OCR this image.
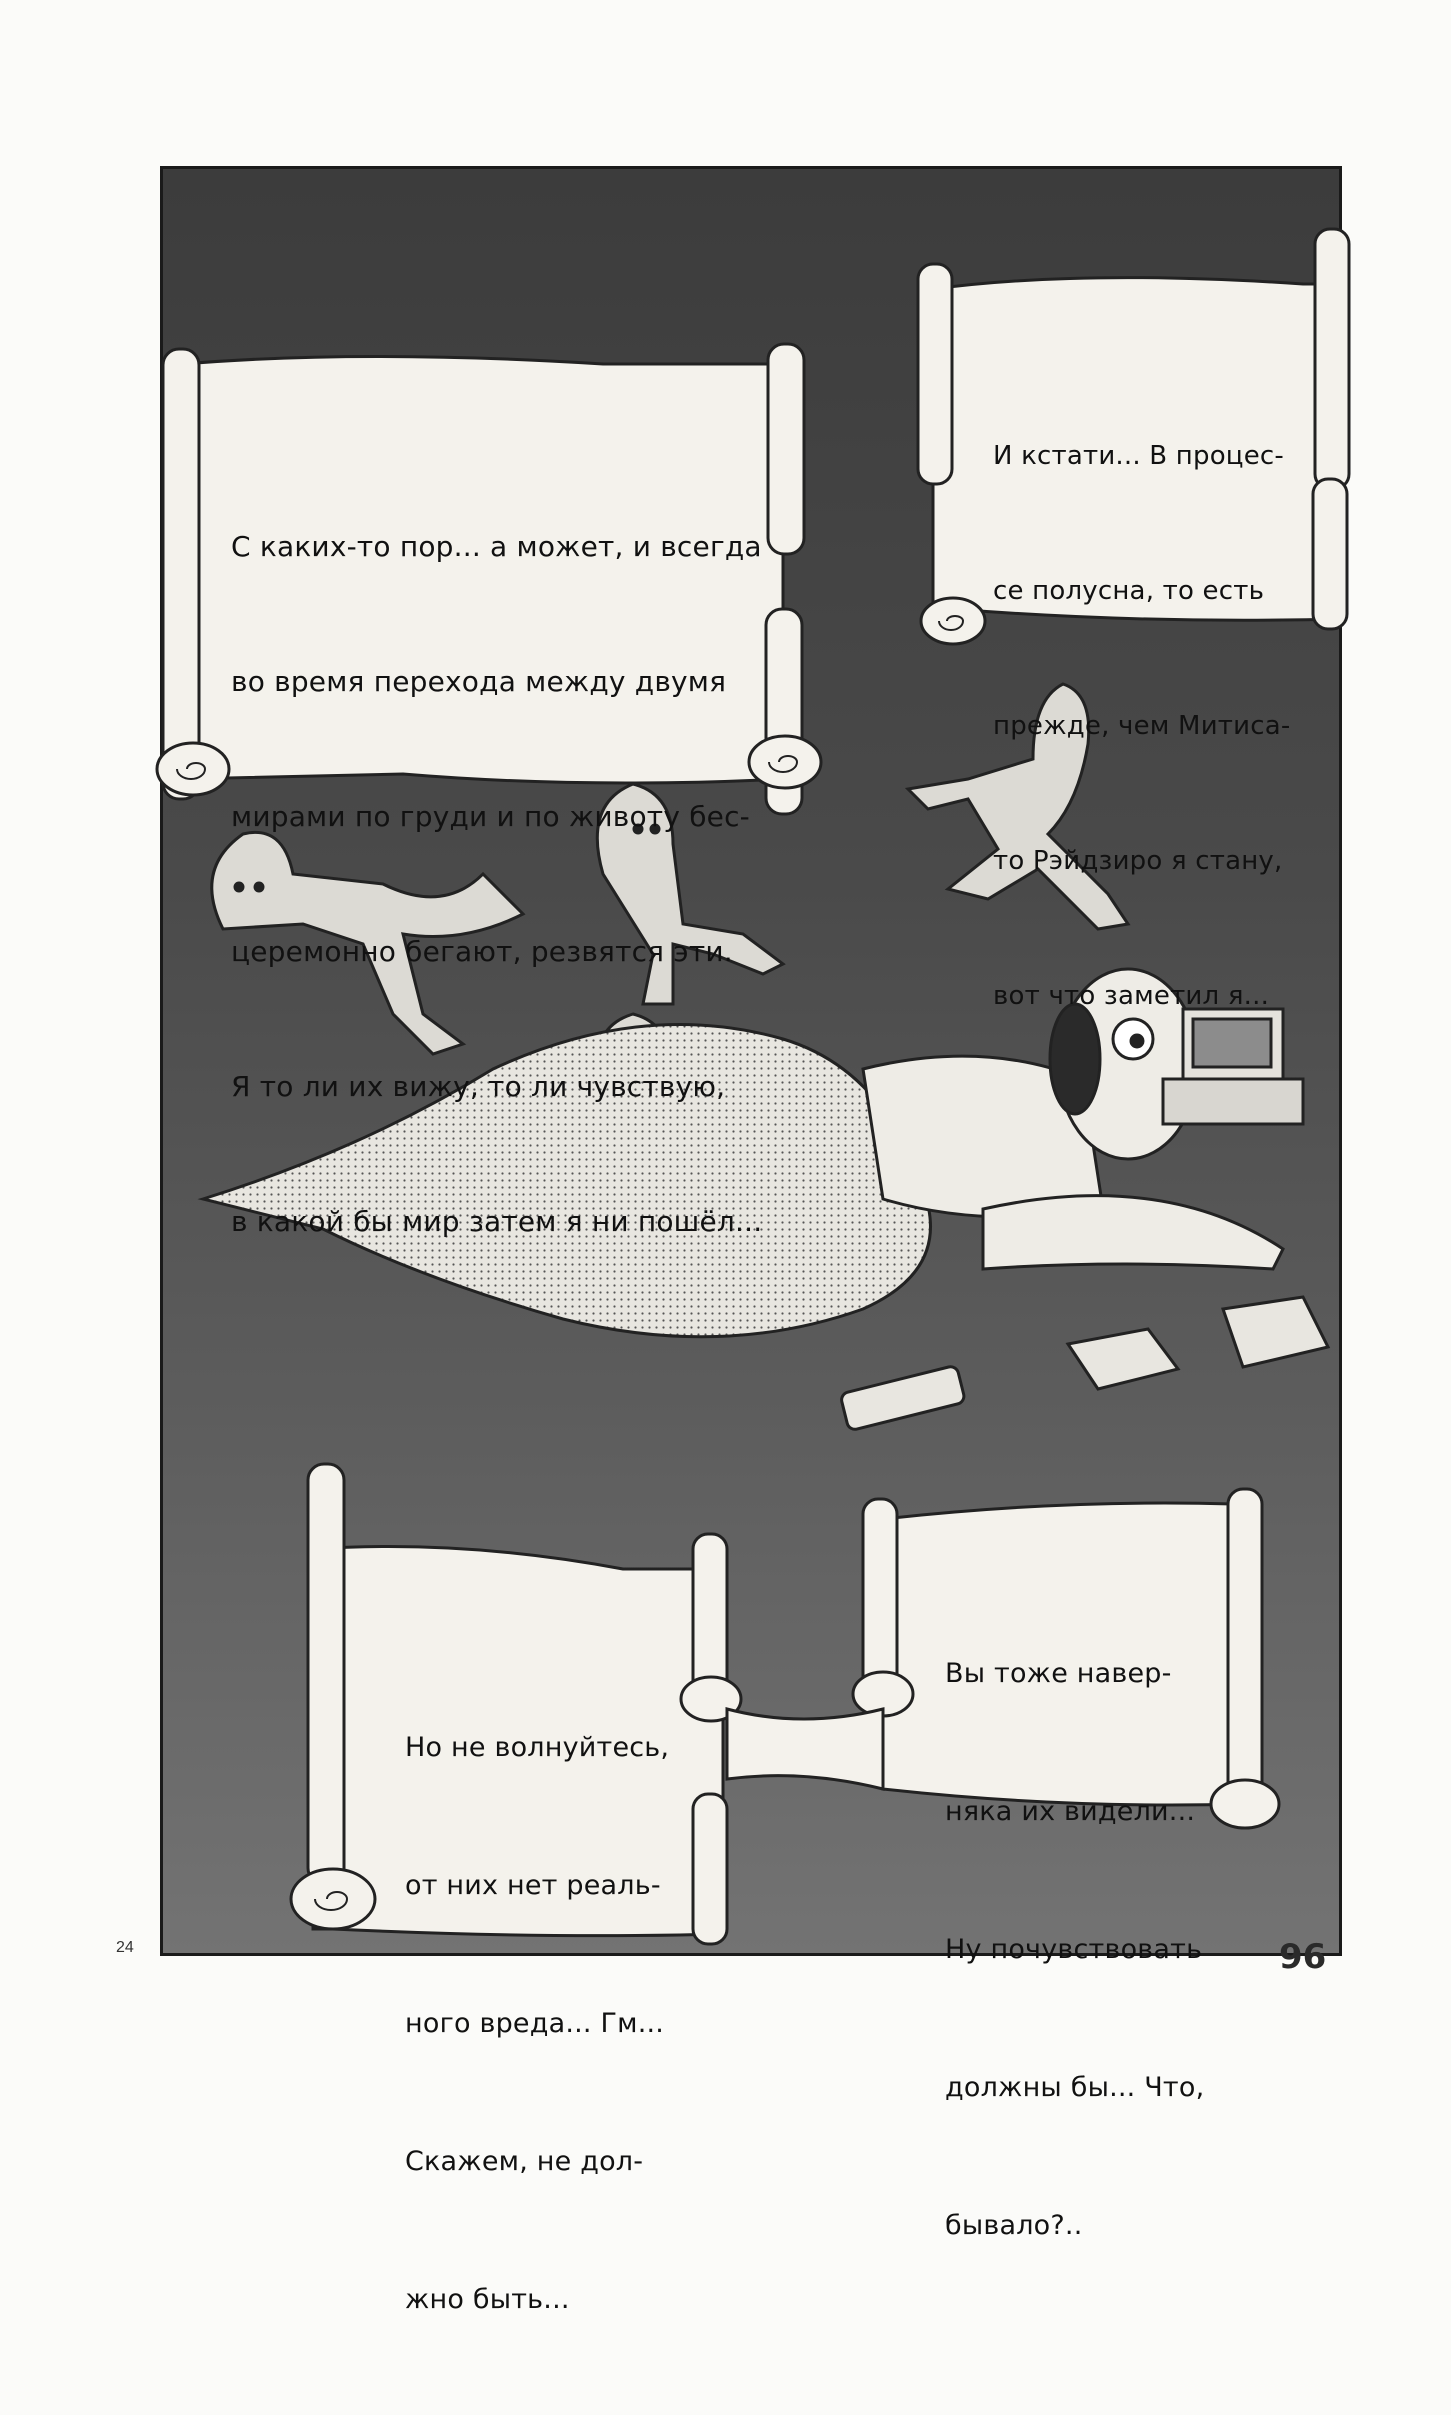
С каких-то пор... а может, и всегда

во время перехода между двумя

мирами по груди и по животу бес-

церемонно бегают, резвятся эти.

Я то ли их вижу, то ли чувствую,

в какой бы мир затем я ни пошёл...

И кстати... В процес-

се полусна, то есть

прежде, чем Митиса-

то Рэйдзиро я стану,

вот что заметил я...

Но не волнуйтесь,

от них нет реаль-

ного вреда... Гм...

Скажем, не дол-

жно быть...

Вы тоже навер-

няка их видели...

Ну почувствовать

должны бы... Что,

бывало?..

24	96
